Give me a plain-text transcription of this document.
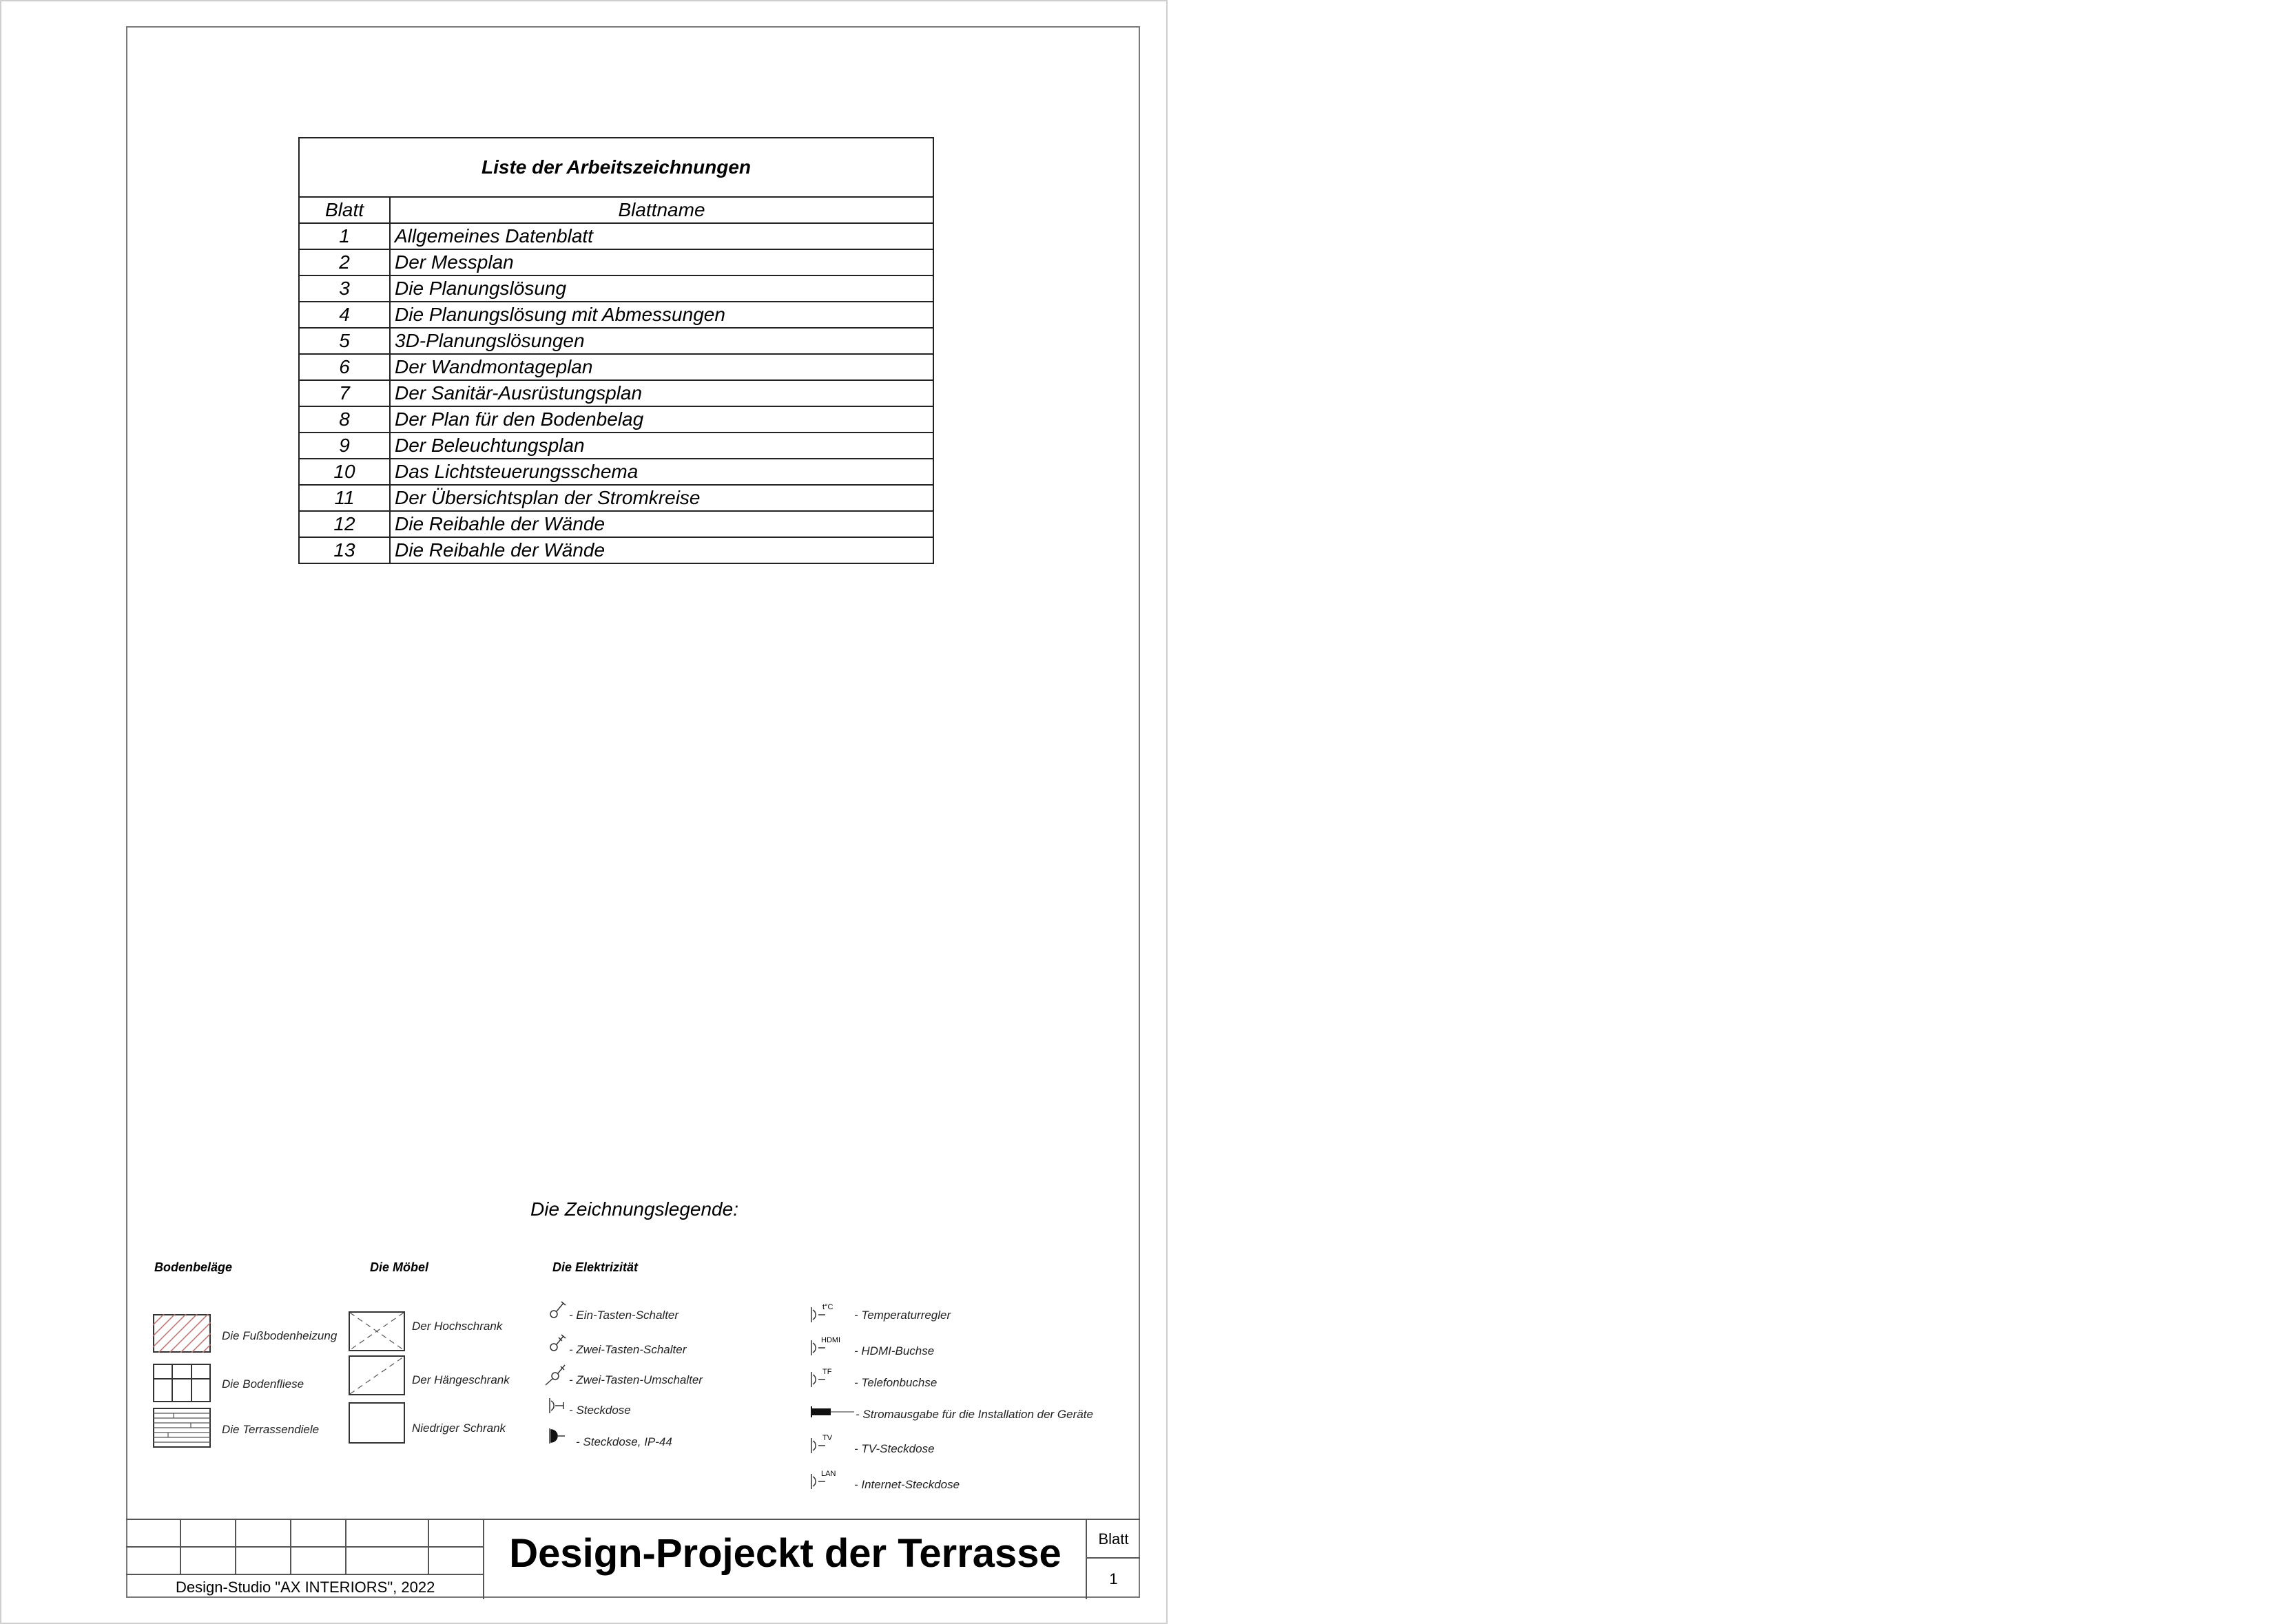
Liste der Arbeitszeichnungen
Blatt	Blattname
1	Allgemeines Datenblatt
2	Der Messplan
3	Die Planungslösung
4	Die Planungslösung mit Abmessungen
5	3D-Planungslösungen
6	Der Wandmontageplan
7	Der Sanitär-Ausrüstungsplan
8	Der Plan für den Bodenbelag
9	Der Beleuchtungsplan
10	Das Lichtsteuerungsschema
11	Der Übersichtsplan der Stromkreise
12	Die Reibahle der Wände
13	Die Reibahle der Wände
Die Zeichnungslegende:
Bodenbeläge	Die Möbel	Die Elektrizität
Die Fußbodenheizung
Die Bodenfliese
Die Terrassendiele
Der Hochschrank
Der Hängeschrank
Niedriger Schrank
- Ein-Tasten-Schalter
- Zwei-Tasten-Schalter
- Zwei-Tasten-Umschalter
- Steckdose
- Steckdose, IP-44
t°C
- Temperaturregler
HDMI
- HDMI-Buchse
TF
- Telefonbuchse
- Stromausgabe für die Installation der Geräte
TV
- TV-Steckdose
LAN
- Internet-Steckdose
Design-Studio "AX INTERIORS", 2022
Design-Projeckt der Terrasse	Blatt
1
